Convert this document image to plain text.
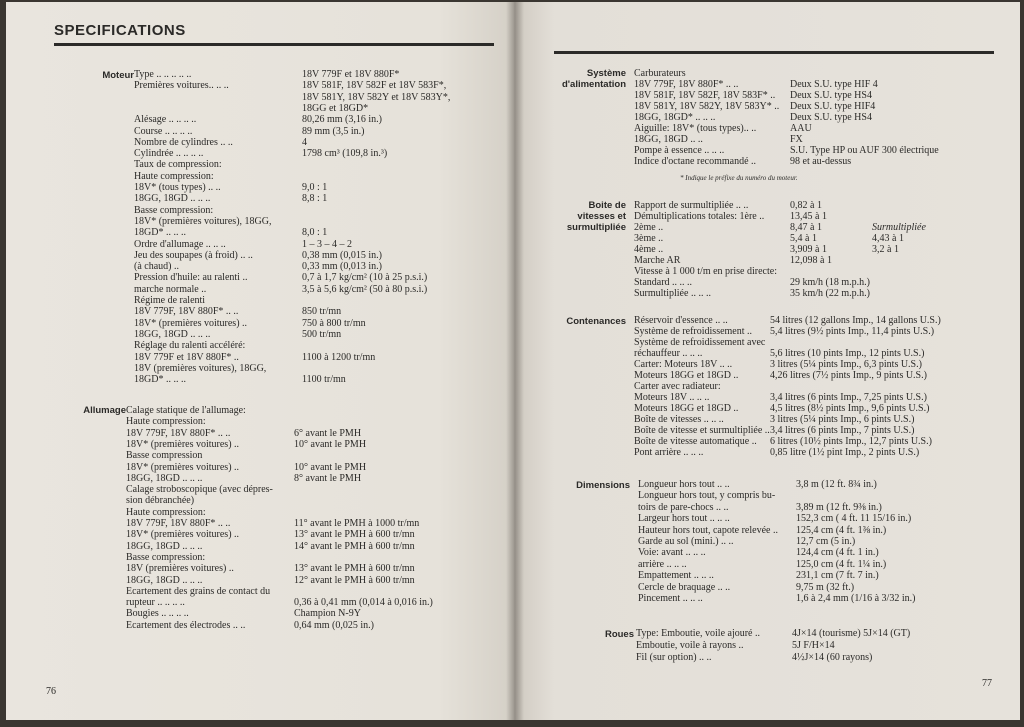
SPECIFICATIONS
Moteur Type .. .. .. .. ..	18V 779F et 18V 880F*
Premières voitures.. .. ..	18V 581F, 18V 582F et 18V 583F*,
18V 581Y, 18V 582Y et 18V 583Y*,
18GG et 18GD*
Alésage .. .. .. ..	80,26 mm (3,16 in.)
Course .. .. .. ..	89 mm (3,5 in.)
Nombre de cylindres .. ..	4
Cylindrée .. .. .. ..	1798 cm³ (109,8 in.³)
Taux de compression:
Haute compression:
18V* (tous types) .. ..	9,0 : 1
18GG, 18GD .. .. ..	8,8 : 1
Basse compression:
18V* (premières voitures), 18GG,
18GD* .. .. ..	8,0 : 1
Ordre d'allumage .. .. ..	1 – 3 – 4 – 2
Jeu des soupapes (à froid) .. ..	0,38 mm (0,015 in.)
(à chaud) ..	0,33 mm (0,013 in.)
Pression d'huile: au ralenti ..	0,7 à 1,7 kg/cm² (10 à 25 p.s.i.)
marche normale ..	3,5 à 5,6 kg/cm² (50 à 80 p.s.i.)
Régime de ralenti
18V 779F, 18V 880F* .. ..	850 tr/mn
18V* (premières voitures) ..	750 à 800 tr/mn
18GG, 18GD .. .. ..	500 tr/mn
Réglage du ralenti accéléré:
18V 779F et 18V 880F* ..	1100 à 1200 tr/mn
18V (premières voitures), 18GG,
18GD* .. .. ..	1100 tr/mn
Allumage Calage statique de l'allumage:
Haute compression:
18V 779F, 18V 880F* .. ..	6° avant le PMH
18V* (premières voitures) ..	10° avant le PMH
Basse compression
18V* (premières voitures) ..	10° avant le PMH
18GG, 18GD .. .. ..	8° avant le PMH
Calage stroboscopique (avec dépres-
sion débranchée)
Haute compression:
18V 779F, 18V 880F* .. ..	11° avant le PMH à 1000 tr/mn
18V* (premières voitures) ..	13° avant le PMH à 600 tr/mn
18GG, 18GD .. .. ..	14° avant le PMH à 600 tr/mn
Basse compression:
18V (premières voitures) ..	13° avant le PMH à 600 tr/mn
18GG, 18GD .. .. ..	12° avant le PMH à 600 tr/mn
Ecartement des grains de contact du
rupteur .. .. .. ..	0,36 à 0,41 mm (0,014 à 0,016 in.)
Bougies .. .. .. ..	Champion N-9Y
Ecartement des électrodes .. ..	0,64 mm (0,025 in.)
76
Système
d'alimentation
Carburateurs
18V 779F, 18V 880F* .. ..	Deux S.U. type HIF 4
18V 581F, 18V 582F, 18V 583F* .. Deux S.U. type HS4
18V 581Y, 18V 582Y, 18V 583Y* .. Deux S.U. type HIF4
18GG, 18GD* .. .. ..	Deux S.U. type HS4
Aiguille: 18V* (tous types).. ..	AAU
18GG, 18GD .. ..	FX
Pompe à essence .. .. ..	S.U. Type HP ou AUF 300 électrique
Indice d'octane recommandé ..	98 et au-dessus
* Indique le préfixe du numéro du moteur.
Boite de
vitesses et
surmultipliée
Rapport de surmultipliée .. ..	0,82 à 1
Démultiplications totales: 1ère ..	13,45 à 1
2ème ..	8,47 à 1	Surmultipliée
3ème ..	5,4 à 1	4,43 à 1
4ème ..	3,909 à 1	3,2 à 1
Marche AR	12,098 à 1
Vitesse à 1 000 t/m en prise directe:
Standard .. .. ..	29 km/h (18 m.p.h.)
Surmultipliée .. .. ..	35 km/h (22 m.p.h.)
Contenances Réservoir d'essence .. ..	54 litres (12 gallons Imp., 14 gallons U.S.)
Système de refroidissement .. 5,4 litres (9½ pints Imp., 11,4 pints U.S.)
Système de refroidissement avec
réchauffeur .. .. ..	5,6 litres (10 pints Imp., 12 pints U.S.)
Carter: Moteurs 18V .. ..	3 litres (5¼ pints Imp., 6,3 pints U.S.)
Moteurs 18GG et 18GD ..	4,26 litres (7½ pints Imp., 9 pints U.S.)
Carter avec radiateur:
Moteurs 18V .. .. ..	3,4 litres (6 pints Imp., 7,25 pints U.S.)
Moteurs 18GG et 18GD ..	4,5 litres (8½ pints Imp., 9,6 pints U.S.)
Boîte de vitesses .. .. ..	3 litres (5¼ pints Imp., 6 pints U.S.)
Boîte de vitesse et surmultipliée .. 3,4 litres (6 pints Imp., 7 pints U.S.)
Boîte de vitesse automatique .. 6 litres (10½ pints Imp., 12,7 pints U.S.)
Pont arrière .. .. ..	0,85 litre (1½ pint Imp., 2 pints U.S.)
Dimensions Longueur hors tout .. ..	3,8 m (12 ft. 8¾ in.)
Longueur hors tout, y compris bu-
toirs de pare-chocs .. ..	3,89 m (12 ft. 9⅜ in.)
Largeur hors tout .. .. ..	152,3 cm ( 4 ft. 11 15/16 in.)
Hauteur hors tout, capote relevée .. 125,4 cm (4 ft. 1⅜ in.)
Garde au sol (mini.) .. ..	12,7 cm (5 in.)
Voie: avant .. .. ..	124,4 cm (4 ft. 1 in.)
arrière .. .. ..	125,0 cm (4 ft. 1¼ in.)
Empattement .. .. ..	231,1 cm (7 ft. 7 in.)
Cercle de braquage .. ..	9,75 m (32 ft.)
Pincement .. .. ..	1,6 à 2,4 mm (1/16 à 3/32 in.)
Roues Type: Emboutie, voile ajouré ..	4J×14 (tourisme) 5J×14 (GT)
Emboutie, voile à rayons ..	5J F/H×14
Fil (sur option) .. ..	4½J×14 (60 rayons)
77
